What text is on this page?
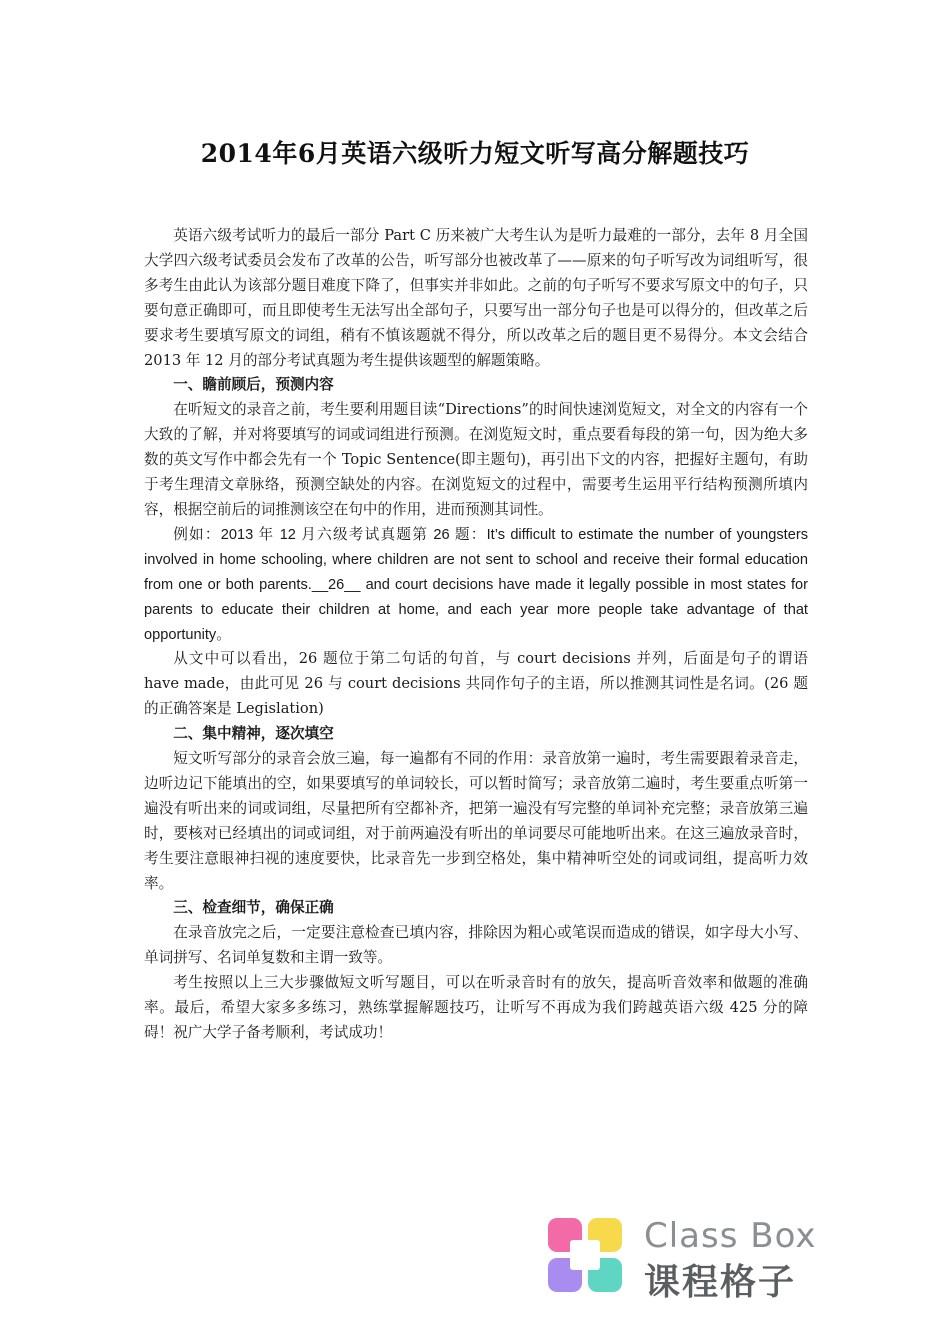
2014年6月英语六级听力短文听写高分解题技巧

英语六级考试听力的最后一部分 Part C 历来被广大考生认为是听力最难的一部分，去年 8 月全国大学四六级考试委员会发布了改革的公告，听写部分也被改革了——原来的句子听写改为词组听写，很多考生由此认为该部分题目难度下降了，但事实并非如此。之前的句子听写不要求写原文中的句子，只要句意正确即可，而且即使考生无法写出全部句子，只要写出一部分句子也是可以得分的，但改革之后要求考生要填写原文的词组，稍有不慎该题就不得分，所以改革之后的题目更不易得分。本文会结合 2013 年 12 月的部分考试真题为考生提供该题型的解题策略。

一、瞻前顾后，预测内容

在听短文的录音之前，考生要利用题目读“Directions”的时间快速浏览短文，对全文的内容有一个大致的了解，并对将要填写的词或词组进行预测。在浏览短文时，重点要看每段的第一句，因为绝大多数的英文写作中都会先有一个 Topic Sentence(即主题句)，再引出下文的内容，把握好主题句，有助于考生理清文章脉络，预测空缺处的内容。在浏览短文的过程中，需要考生运用平行结构预测所填内容，根据空前后的词推测该空在句中的作用，进而预测其词性。

例如：2013 年 12 月六级考试真题第 26 题：It’s difficult to estimate the number of youngsters involved in home schooling, where children are not sent to school and receive their formal education from one or both parents.__26__ and court decisions have made it legally possible in most states for parents to educate their children at home, and each year more people take advantage of that opportunity。

从文中可以看出，26 题位于第二句话的句首，与 court decisions 并列，后面是句子的谓语 have made，由此可见 26 与 court decisions 共同作句子的主语，所以推测其词性是名词。(26 题的正确答案是 Legislation)

二、集中精神，逐次填空

短文听写部分的录音会放三遍，每一遍都有不同的作用：录音放第一遍时，考生需要跟着录音走，边听边记下能填出的空，如果要填写的单词较长，可以暂时简写；录音放第二遍时，考生要重点听第一遍没有听出来的词或词组，尽量把所有空都补齐，把第一遍没有写完整的单词补充完整；录音放第三遍时，要核对已经填出的词或词组，对于前两遍没有听出的单词要尽可能地听出来。在这三遍放录音时，考生要注意眼神扫视的速度要快，比录音先一步到空格处，集中精神听空处的词或词组，提高听力效率。

三、检查细节，确保正确

在录音放完之后，一定要注意检查已填内容，排除因为粗心或笔误而造成的错误，如字母大小写、单词拼写、名词单复数和主谓一致等。

考生按照以上三大步骤做短文听写题目，可以在听录音时有的放矢，提高听音效率和做题的准确率。最后，希望大家多多练习，熟练掌握解题技巧，让听写不再成为我们跨越英语六级 425 分的障碍！祝广大学子备考顺利，考试成功！

Class Box
课程格子
